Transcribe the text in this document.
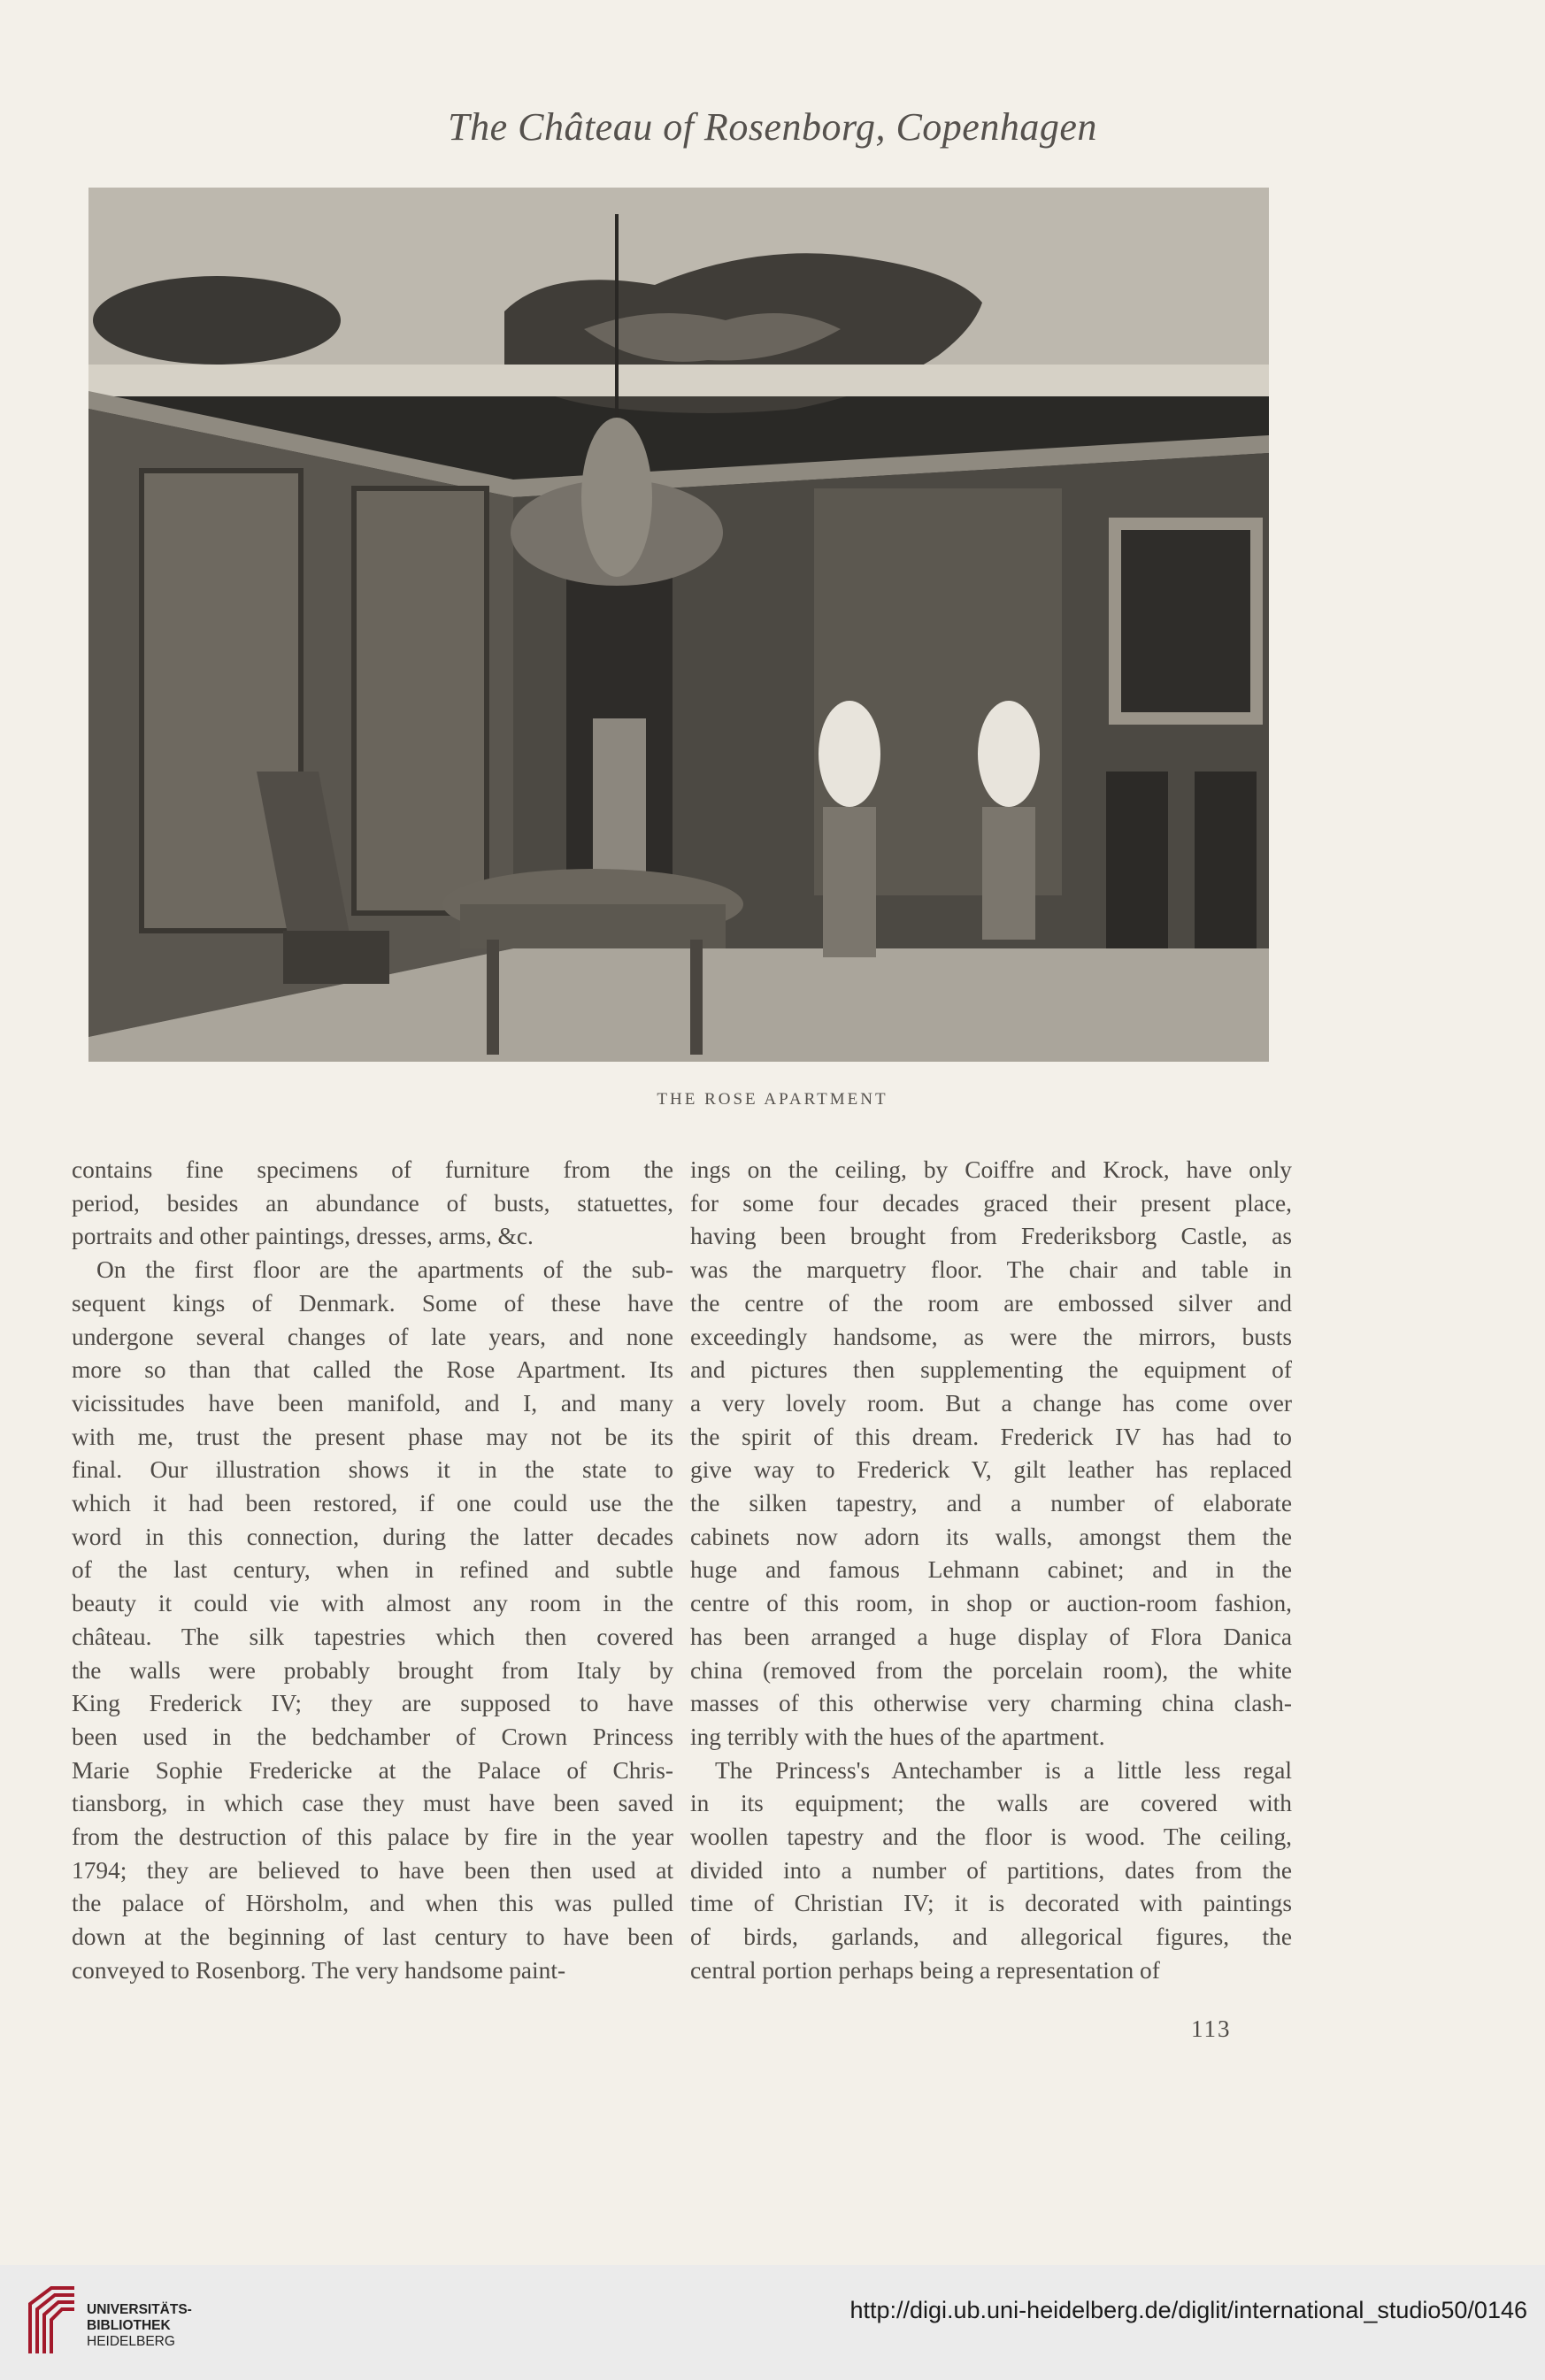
The Château of Rosenborg, Copenhagen
THE ROSE APARTMENT
contains fine specimens of furniture from the
period, besides an abundance of busts, statuettes,
portraits and other paintings, dresses, arms, &c.
On the first floor are the apartments of the sub-
sequent kings of Denmark. Some of these have
undergone several changes of late years, and none
more so than that called the Rose Apartment. Its
vicissitudes have been manifold, and I, and many
with me, trust the present phase may not be its
final. Our illustration shows it in the state to
which it had been restored, if one could use the
word in this connection, during the latter decades
of the last century, when in refined and subtle
beauty it could vie with almost any room in the
château. The silk tapestries which then covered
the walls were probably brought from Italy by
King Frederick IV; they are supposed to have
been used in the bedchamber of Crown Princess
Marie Sophie Fredericke at the Palace of Chris-
tiansborg, in which case they must have been saved
from the destruction of this palace by fire in the year
1794; they are believed to have been then used at
the palace of Hörsholm, and when this was pulled
down at the beginning of last century to have been
conveyed to Rosenborg. The very handsome paint-
ings on the ceiling, by Coiffre and Krock, have only
for some four decades graced their present place,
having been brought from Frederiksborg Castle, as
was the marquetry floor. The chair and table in
the centre of the room are embossed silver and
exceedingly handsome, as were the mirrors, busts
and pictures then supplementing the equipment of
a very lovely room. But a change has come over
the spirit of this dream. Frederick IV has had to
give way to Frederick V, gilt leather has replaced
the silken tapestry, and a number of elaborate
cabinets now adorn its walls, amongst them the
huge and famous Lehmann cabinet; and in the
centre of this room, in shop or auction-room fashion,
has been arranged a huge display of Flora Danica
china (removed from the porcelain room), the white
masses of this otherwise very charming china clash-
ing terribly with the hues of the apartment.
The Princess's Antechamber is a little less regal
in its equipment; the walls are covered with
woollen tapestry and the floor is wood. The ceiling,
divided into a number of partitions, dates from the
time of Christian IV; it is decorated with paintings
of birds, garlands, and allegorical figures, the
central portion perhaps being a representation of
113
UNIVERSITÄTS-
BIBLIOTHEK
HEIDELBERG
http://digi.ub.uni-heidelberg.de/diglit/international_studio50/0146
